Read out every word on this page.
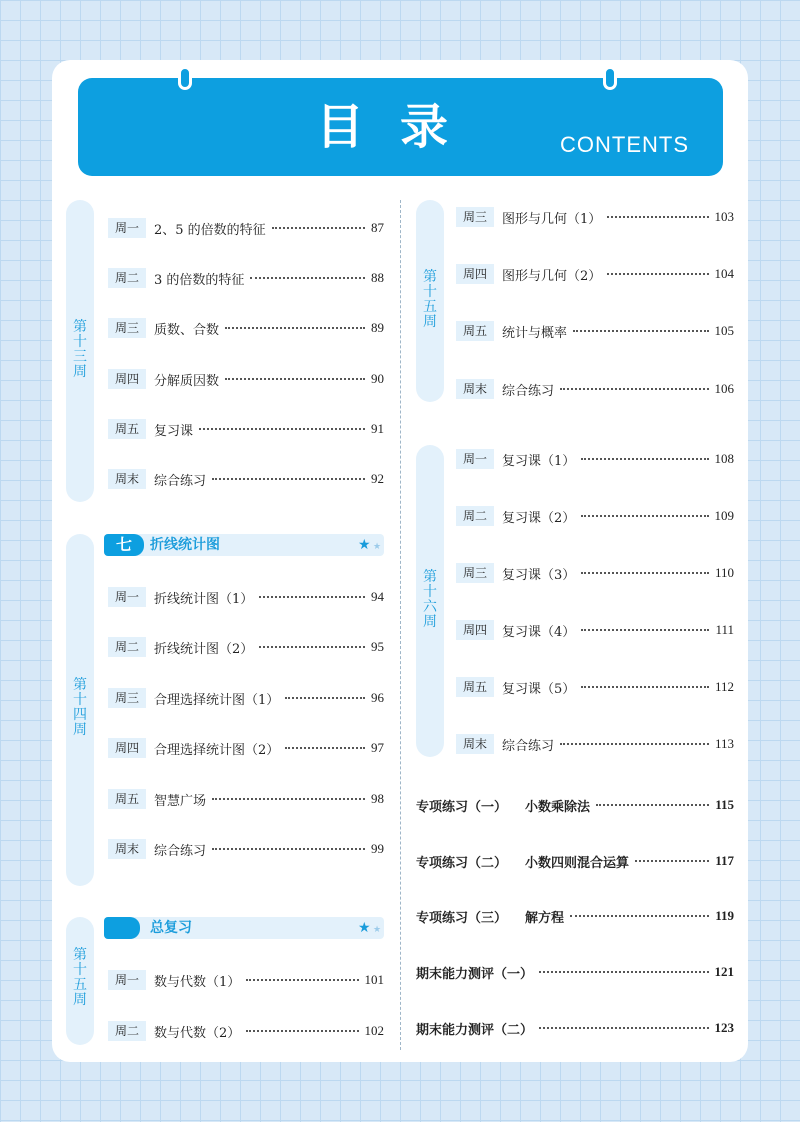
目录	CONTENTS
第
十
三
周
周一	2、5 的倍数的特征	87
周二	3 的倍数的特征	88
周三	质数、合数	89
周四	分解质因数	90
周五	复习课	91
周末	综合练习	92
七	折线统计图	★ ★
第
十
四
周
周一	折线统计图（1）	94
周二	折线统计图（2）	95
周三	合理选择统计图（1）	96
周四	合理选择统计图（2）	97
周五	智慧广场	98
周末	综合练习	99
总复习	★ ★
第
十
五
周
周一	数与代数（1）	101
周二	数与代数（2）	102
第
十
五
周
周三	图形与几何（1）	103
周四	图形与几何（2）	104
周五	统计与概率	105
周末	综合练习	106
第
十
六
周
周一	复习课（1）	108
周二	复习课（2）	109
周三	复习课（3）	110
周四	复习课（4）	111
周五	复习课（5）	112
周末	综合练习	113
专项练习（一） 小数乘除法	115
专项练习（二） 小数四则混合运算	117
专项练习（三） 解方程	119
期末能力测评（一）	121
期末能力测评（二）	123
